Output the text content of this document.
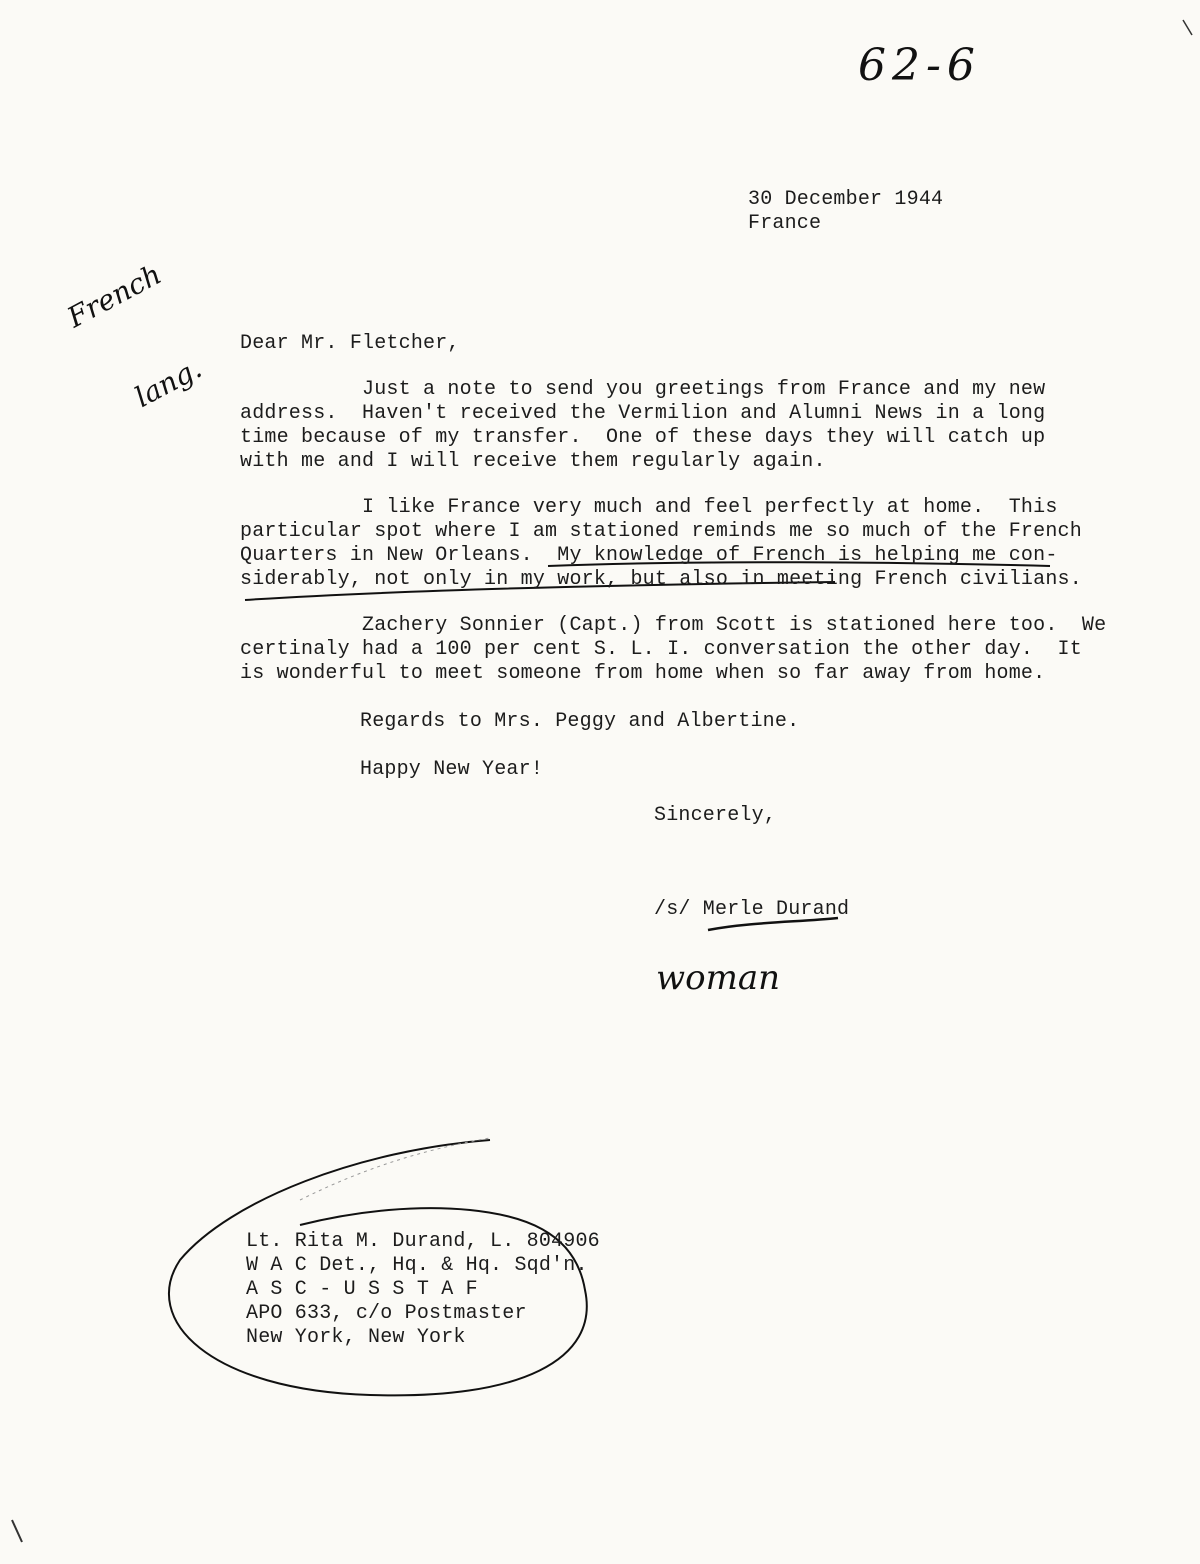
62-6

French

lang.

30 December 1944
France
Dear Mr. Fletcher,
Just a note to send you greetings from France and my new
address.  Haven't received the Vermilion and Alumni News in a long
time because of my transfer.  One of these days they will catch up
with me and I will receive them regularly again.
I like France very much and feel perfectly at home.  This
particular spot where I am stationed reminds me so much of the French
Quarters in New Orleans.  My knowledge of French is helping me con-
siderably, not only in my work, but also in meeting French civilians.
Zachery Sonnier (Capt.) from Scott is stationed here too.  We
certinaly had a 100 per cent S. L. I. conversation the other day.  It
is wonderful to meet someone from home when so far away from home.
Regards to Mrs. Peggy and Albertine.
Happy New Year!
Sincerely,
/s/ Merle Durand
woman
Lt. Rita M. Durand, L. 804906
W A C Det., Hq. & Hq. Sqd'n.
A S C - U S S T A F
APO 633, c/o Postmaster
New York, New York
